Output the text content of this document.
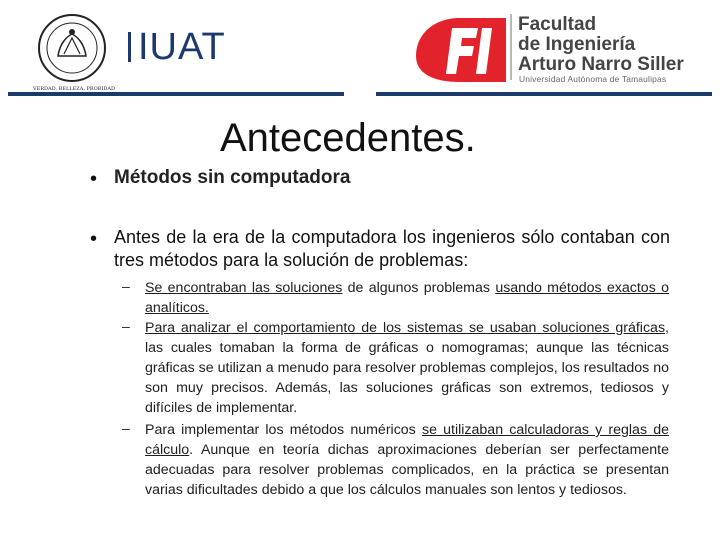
VERDAD, BELLEZA, PROBIDAD
IUAT
Facultad
de Ingeniería
Arturo Narro Siller
Universidad Autónoma de Tamaulipas
Antecedentes.
• Métodos sin computadora
• Antes de la era de la computadora los ingenieros sólo contaban con tres métodos para la solución de problemas:
– Se encontraban las soluciones de algunos problemas usando métodos exactos o analíticos.
– Para analizar el comportamiento de los sistemas se usaban soluciones gráficas, las cuales tomaban la forma de gráficas o nomogramas; aunque las técnicas gráficas se utilizan a menudo para resolver problemas complejos, los resultados no son muy precisos. Además, las soluciones gráficas son extremos, tediosos y difíciles de implementar.
– Para implementar los métodos numéricos se utilizaban calculadoras y reglas de cálculo. Aunque en teoría dichas aproximaciones deberían ser perfectamente adecuadas para resolver problemas complicados, en la práctica se presentan varias dificultades debido a que los cálculos manuales son lentos y tediosos.
